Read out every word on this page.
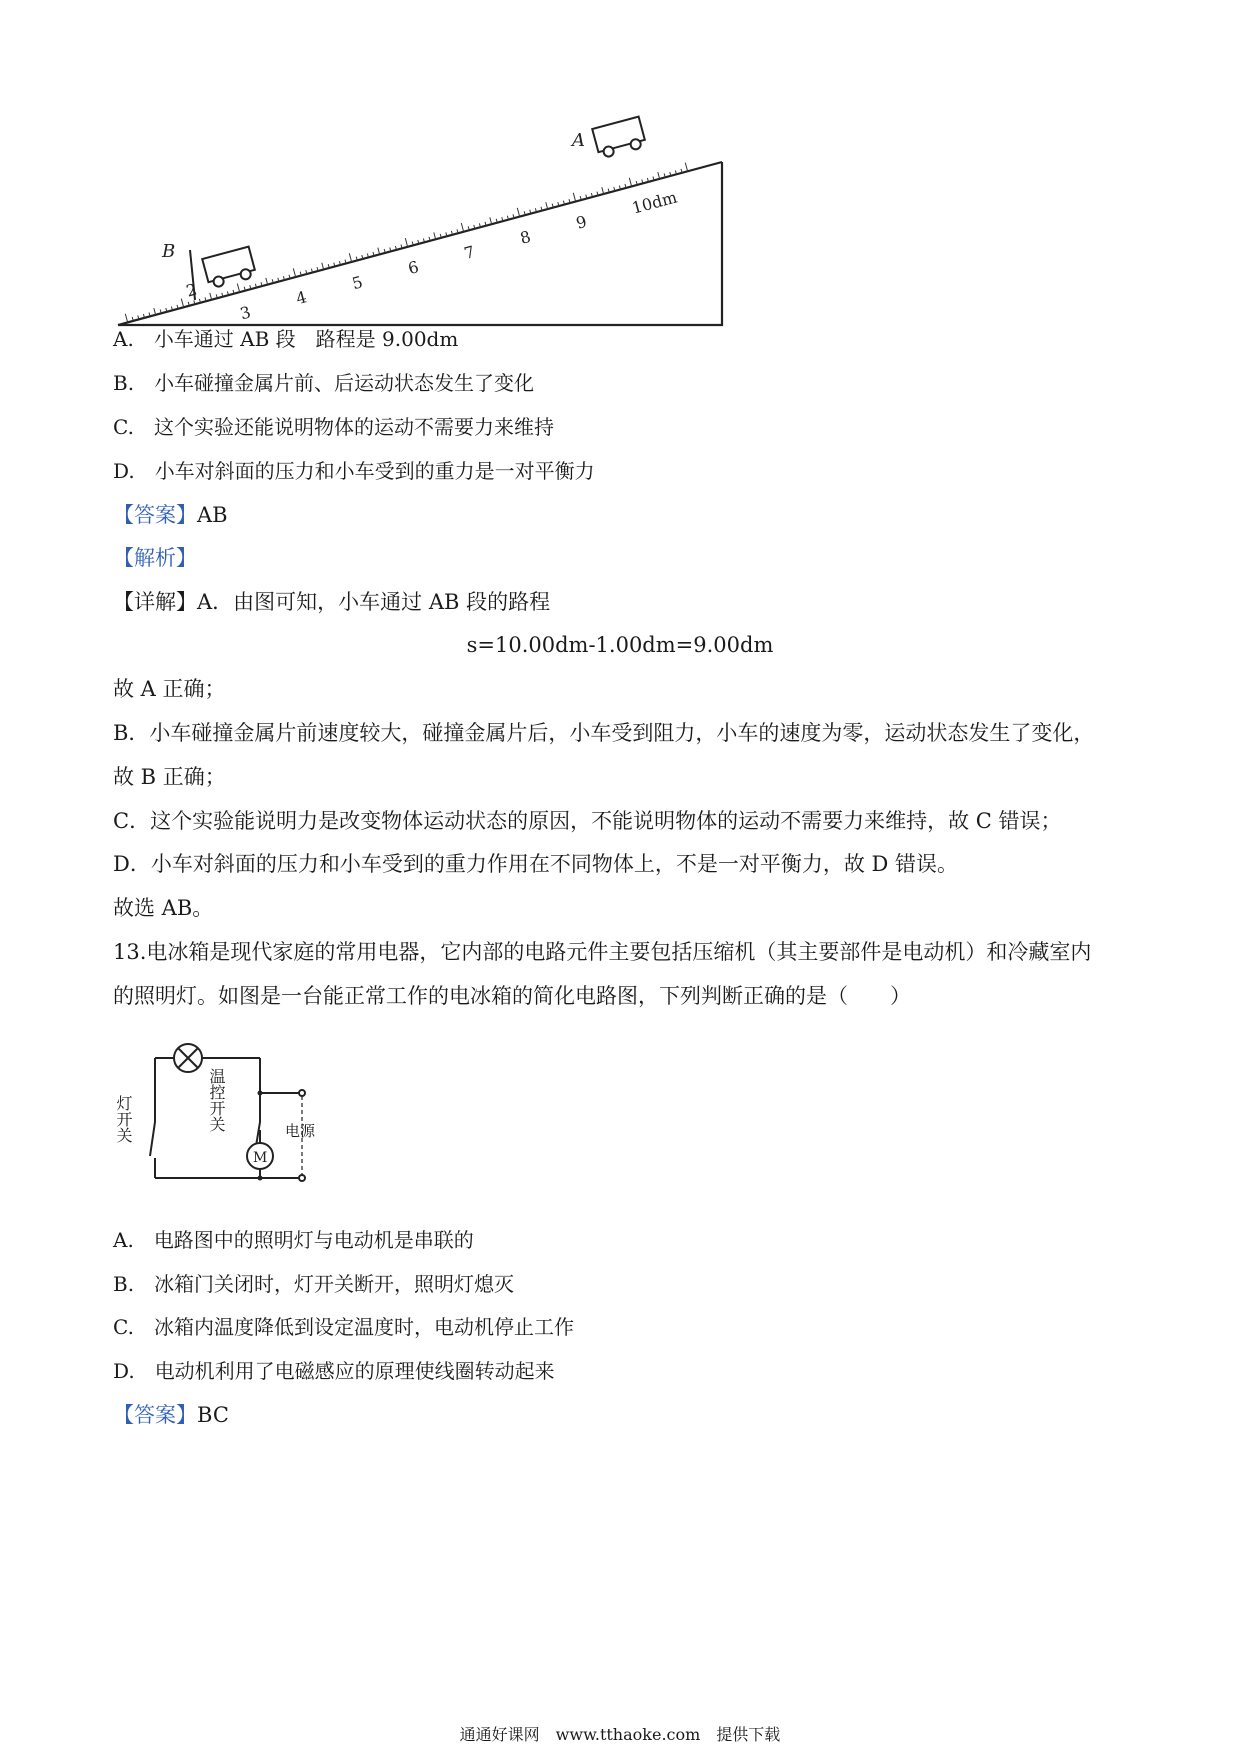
A
B
2
3
4
5
6
7
8
9
10dm
A.　 小车通过 AB 段　路程是 9.00dm
B.　 小车碰撞金属片前、后运动状态发生了变化
C.　 这个实验还能说明物体的运动不需要力来维持
D.　 小车对斜面的压力和小车受到的重力是一对平衡力
【答案】AB
【解析】
【详解】A．由图可知，小车通过 AB 段的路程
s=10.00dm-1.00dm=9.00dm
故 A 正确；
B．小车碰撞金属片前速度较大，碰撞金属片后，小车受到阻力，小车的速度为零，运动状态发生了变化，
故 B 正确；
C．这个实验能说明力是改变物体运动状态的原因，不能说明物体的运动不需要力来维持，故 C 错误；
D．小车对斜面的压力和小车受到的重力作用在不同物体上，不是一对平衡力，故 D 错误。
故选 AB。
13.电冰箱是现代家庭的常用电器，它内部的电路元件主要包括压缩机（其主要部件是电动机）和冷藏室内
的照明灯。如图是一台能正常工作的电冰箱的简化电路图，下列判断正确的是（　　）
M
灯开关	温控开关	电源
A.　 电路图中的照明灯与电动机是串联的
B.　 冰箱门关闭时，灯开关断开，照明灯熄灭
C.　 冰箱内温度降低到设定温度时，电动机停止工作
D.　 电动机利用了电磁感应的原理使线圈转动起来
【答案】BC
通通好课网　www.tthaoke.com　提供下载
